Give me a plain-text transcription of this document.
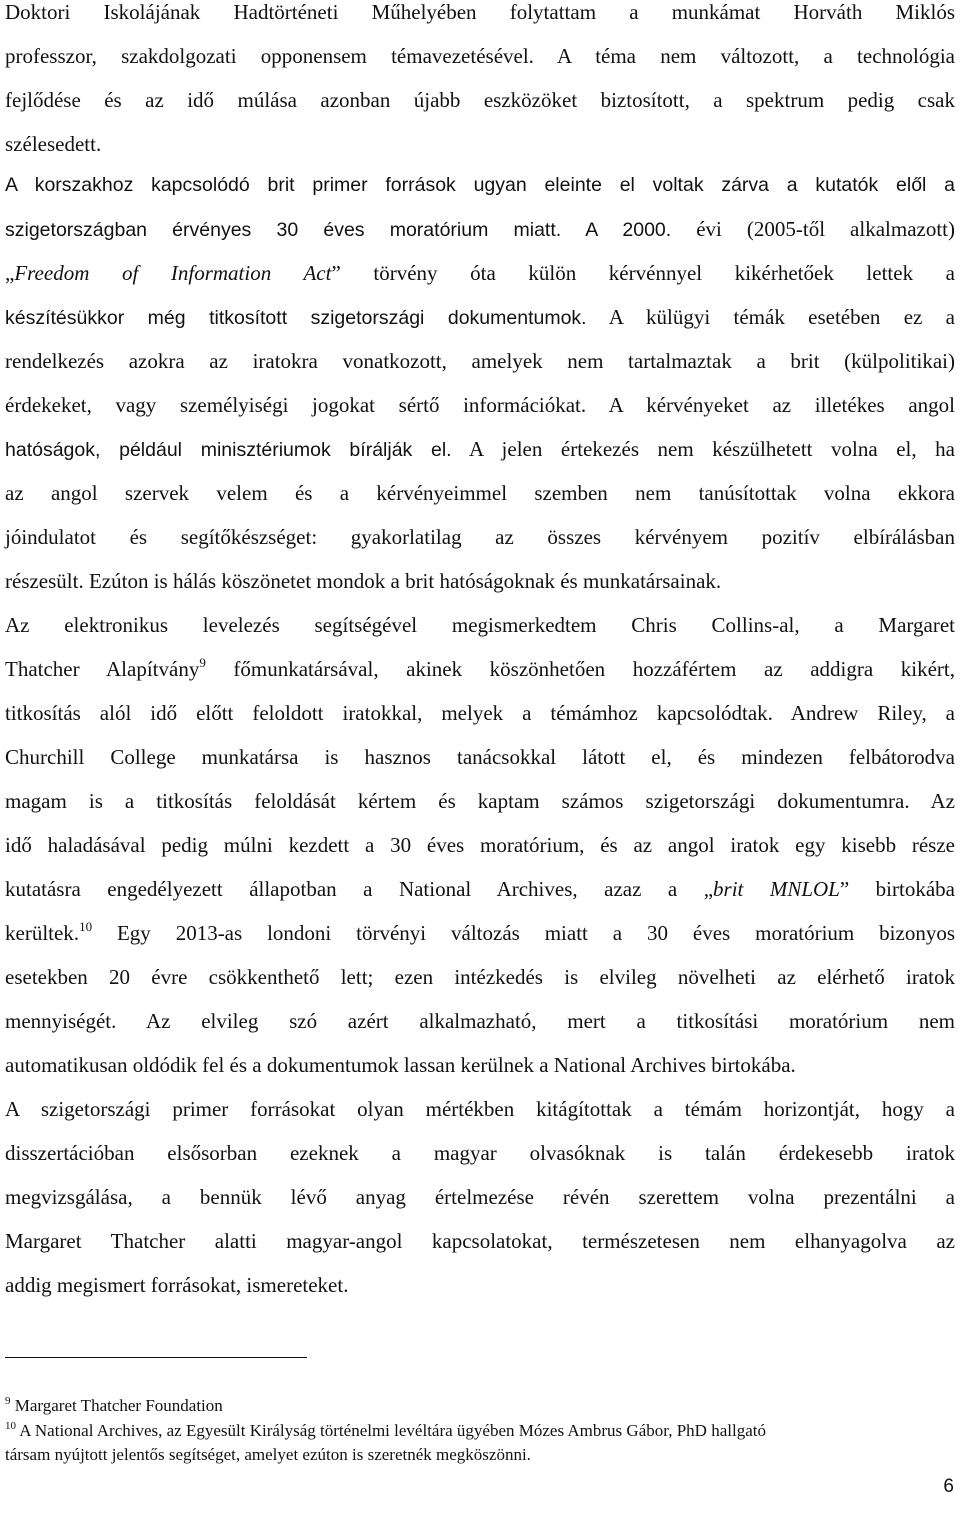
Doktori Iskolájának Hadtörténeti Műhelyében folytattam a munkámat Horváth Miklós
professzor, szakdolgozati opponensem témavezetésével. A téma nem változott, a technológia
fejlődése és az idő múlása azonban újabb eszközöket biztosított, a spektrum pedig csak
szélesedett.
A korszakhoz kapcsolódó brit primer források ugyan eleinte el voltak zárva a kutatók elől a
szigetországban érvényes 30 éves moratórium miatt. A 2000. évi (2005-től alkalmazott)
„Freedom of Information Act” törvény óta külön kérvénnyel kikérhetőek lettek a
készítésükkor még titkosított szigetországi dokumentumok. A külügyi témák esetében ez a
rendelkezés azokra az iratokra vonatkozott, amelyek nem tartalmaztak a brit (külpolitikai)
érdekeket, vagy személyiségi jogokat sértő információkat. A kérvényeket az illetékes angol
hatóságok, például minisztériumok bírálják el. A jelen értekezés nem készülhetett volna el, ha
az angol szervek velem és a kérvényeimmel szemben nem tanúsítottak volna ekkora
jóindulatot és segítőkészséget: gyakorlatilag az összes kérvényem pozitív elbírálásban
részesült. Ezúton is hálás köszönetet mondok a brit hatóságoknak és munkatársainak.
Az elektronikus levelezés segítségével megismerkedtem Chris Collins-al, a Margaret
Thatcher Alapítvány$^9$ főmunkatársával, akinek köszönhetően hozzáfértem az addigra kikért,
titkosítás alól idő előtt feloldott iratokkal, melyek a témámhoz kapcsolódtak. Andrew Riley, a
Churchill College munkatársa is hasznos tanácsokkal látott el, és mindezen felbátorodva
magam is a titkosítás feloldását kértem és kaptam számos szigetországi dokumentumra. Az
idő haladásával pedig múlni kezdett a 30 éves moratórium, és az angol iratok egy kisebb része
kutatásra engedélyezett állapotban a National Archives, azaz a „brit MNLOL” birtokába
kerültek.$^{10}$ Egy 2013-as londoni törvényi változás miatt a 30 éves moratórium bizonyos
esetekben 20 évre csökkenthető lett; ezen intézkedés is elvileg növelheti az elérhető iratok
mennyiségét. Az elvileg szó azért alkalmazható, mert a titkosítási moratórium nem
automatikusan oldódik fel és a dokumentumok lassan kerülnek a National Archives birtokába.
A szigetországi primer forrásokat olyan mértékben kitágítottak a témám horizontját, hogy a
disszertációban elsősorban ezeknek a magyar olvasóknak is talán érdekesebb iratok
megvizsgálása, a bennük lévő anyag értelmezése révén szerettem volna prezentálni a
Margaret Thatcher alatti magyar-angol kapcsolatokat, természetesen nem elhanyagolva az
addig megismert forrásokat, ismereteket.
$^9$ Margaret Thatcher Foundation
$^{10}$ A National Archives, az Egyesült Királyság történelmi levéltára ügyében Mózes Ambrus Gábor, PhD hallgató
társam nyújtott jelentős segítséget, amelyet ezúton is szeretnék megköszönni.
6
